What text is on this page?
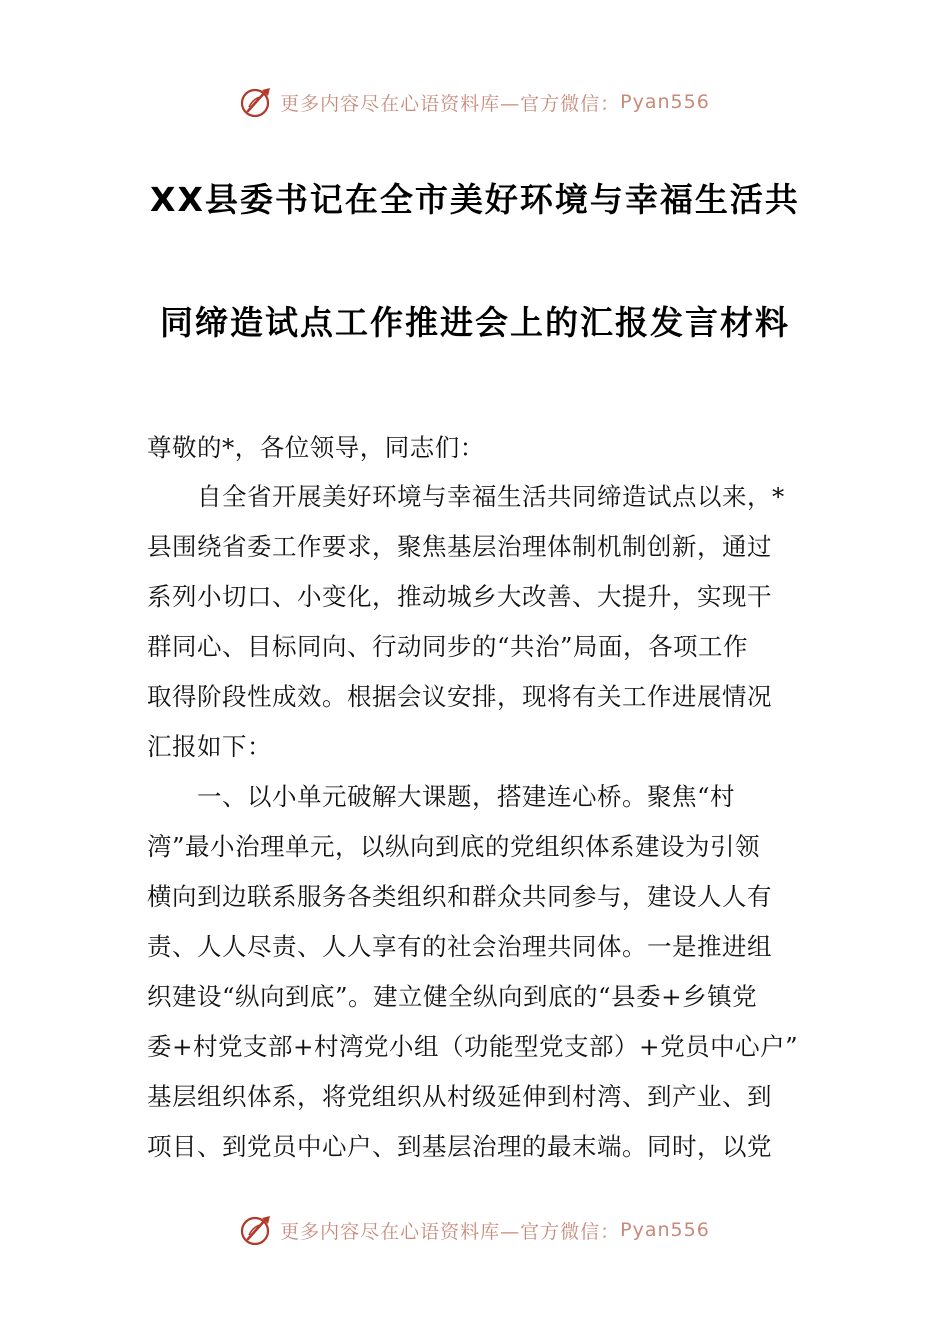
更多内容尽在心语资料库—官方微信： Pyan556
XX县委书记在全市美好环境与幸福生活共
同缔造试点工作推进会上的汇报发言材料

尊敬的*，各位领导，同志们：

　　自全省开展美好环境与幸福生活共同缔造试点以来，*

县围绕省委工作要求，聚焦基层治理体制机制创新，通过

系列小切口、小变化，推动城乡大改善、大提升，实现干

群同心、目标同向、行动同步的“共治”局面，各项工作

取得阶段性成效。根据会议安排，现将有关工作进展情况

汇报如下：

　　一、以小单元破解大课题，搭建连心桥。聚焦“村

湾”最小治理单元，以纵向到底的党组织体系建设为引领

横向到边联系服务各类组织和群众共同参与，建设人人有

责、人人尽责、人人享有的社会治理共同体。一是推进组

织建设“纵向到底”。建立健全纵向到底的“县委+乡镇党

委+村党支部+村湾党小组（功能型党支部）+党员中心户”

基层组织体系，将党组织从村级延伸到村湾、到产业、到

项目、到党员中心户、到基层治理的最末端。同时，以党

更多内容尽在心语资料库—官方微信： Pyan556
